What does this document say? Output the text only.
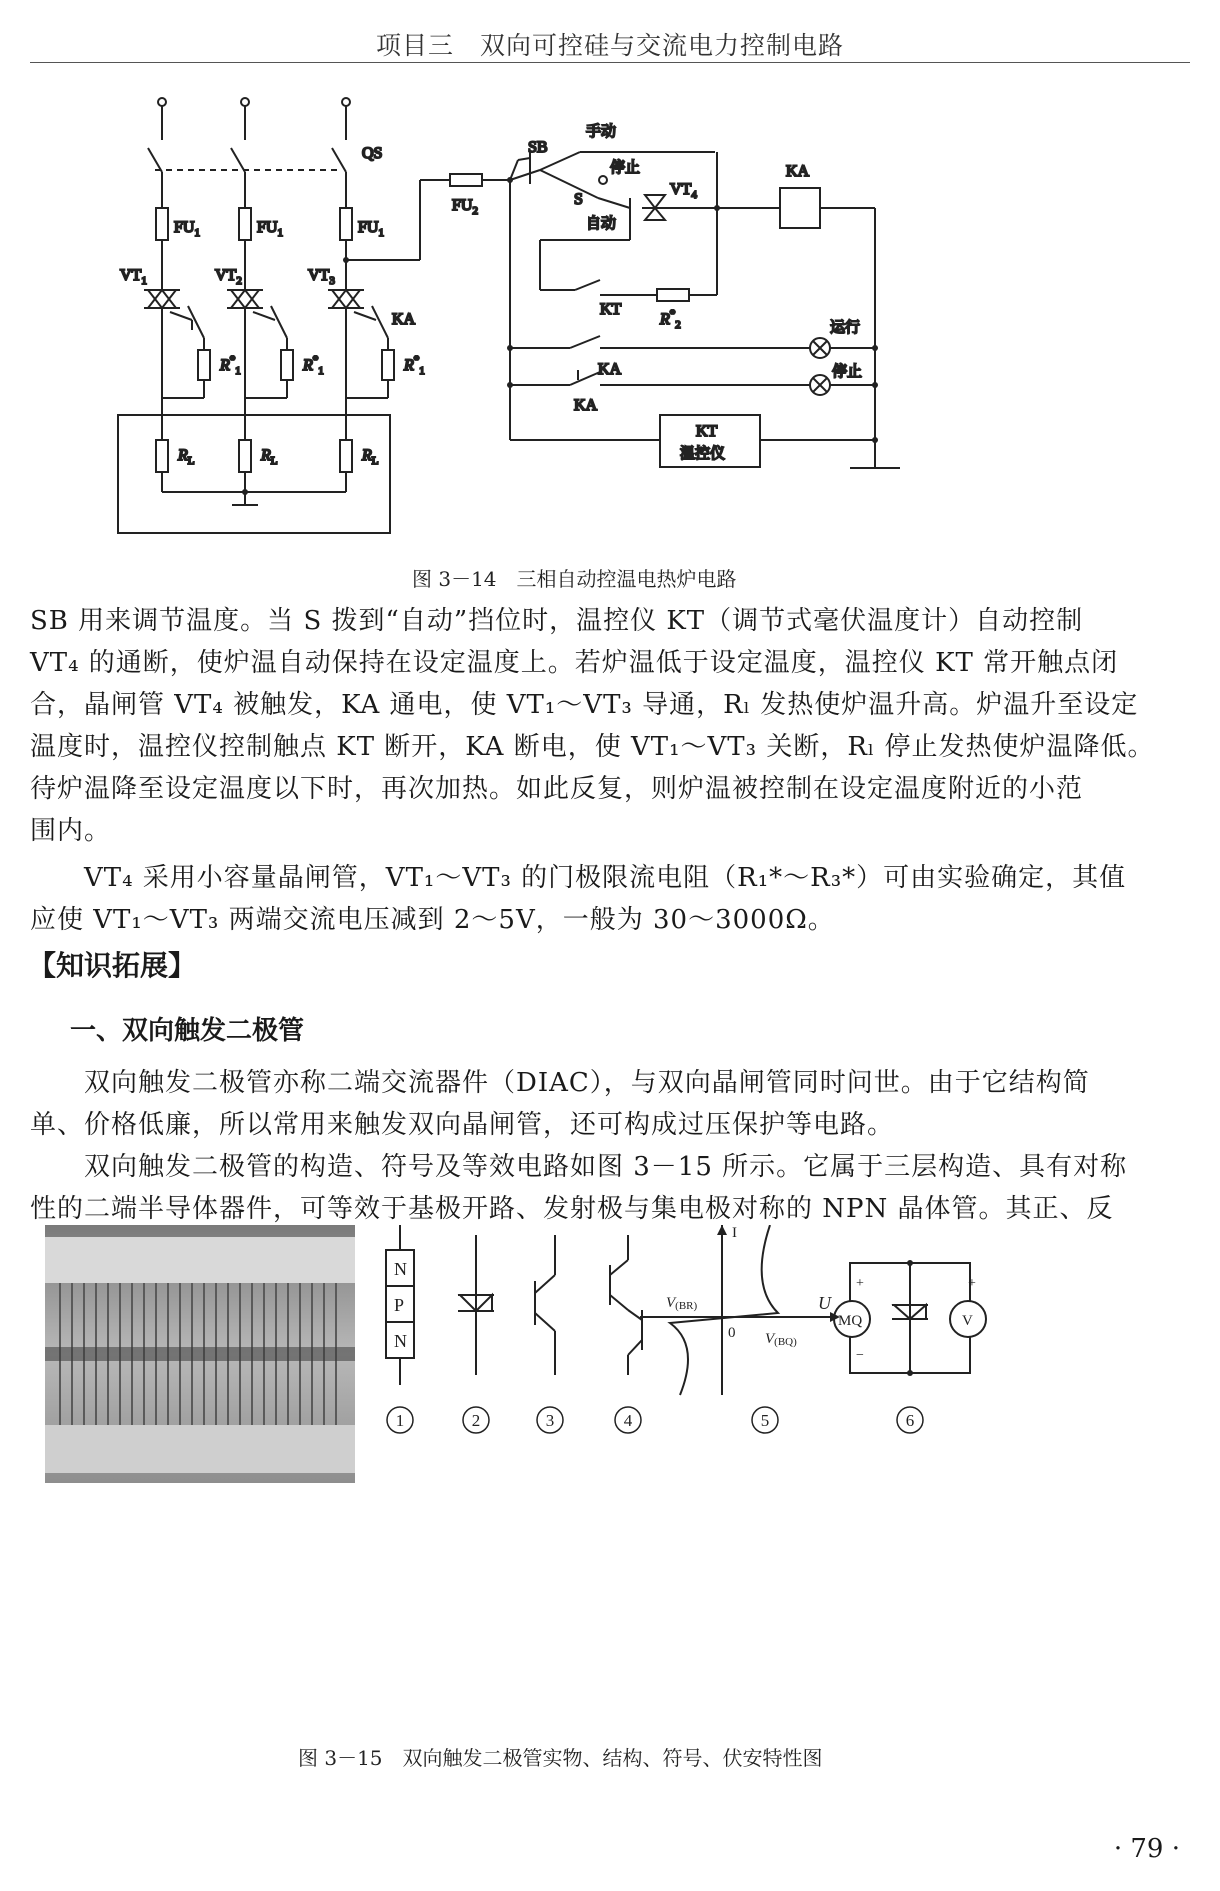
项目三　双向可控硅与交流电力控制电路
QS
$FU_1$	$FU_1$	$FU_1$
$FU_2$
$VT_1$	$VT_2$	$VT_3$
KA
$R^*_1$	$R^*_1$	$R^*_1$
$R_L$	$R_L$	$R_L$
SB
手动
停止
S
自动
$VT_4$
KA
KT
$R^*_2$
KA
KA
运行
停止
KT
温控仪
图 3－14　三相自动控温电热炉电路
SB 用来调节温度。当 S 拨到“自动”挡位时，温控仪 KT（调节式毫伏温度计）自动控制
VT₄ 的通断，使炉温自动保持在设定温度上。若炉温低于设定温度，温控仪 KT 常开触点闭
合，晶闸管 VT₄ 被触发，KA 通电，使 VT₁～VT₃ 导通，Rₗ 发热使炉温升高。炉温升至设定
温度时，温控仪控制触点 KT 断开，KA 断电，使 VT₁～VT₃ 关断，Rₗ 停止发热使炉温降低。
待炉温降至设定温度以下时，再次加热。如此反复，则炉温被控制在设定温度附近的小范
围内。
　　VT₄ 采用小容量晶闸管，VT₁～VT₃ 的门极限流电阻（R₁*～R₃*）可由实验确定，其值
应使 VT₁～VT₃ 两端交流电压减到 2～5V，一般为 30～3000Ω。
【知识拓展】
一、双向触发二极管
　　双向触发二极管亦称二端交流器件（DIAC），与双向晶闸管同时问世。由于它结构简
单、价格低廉，所以常用来触发双向晶闸管，还可构成过压保护等电路。
　　双向触发二极管的构造、符号及等效电路如图 3－15 所示。它属于三层构造、具有对称
性的二端半导体器件，可等效于基极开路、发射极与集电极对称的 NPN 晶体管。其正、反
N
P
N
I
U
0
V(BR)
V(BQ)
MQ	V
+
−
+
1	2	3	4	5	6
图 3－15　双向触发二极管实物、结构、符号、伏安特性图
· 79 ·
